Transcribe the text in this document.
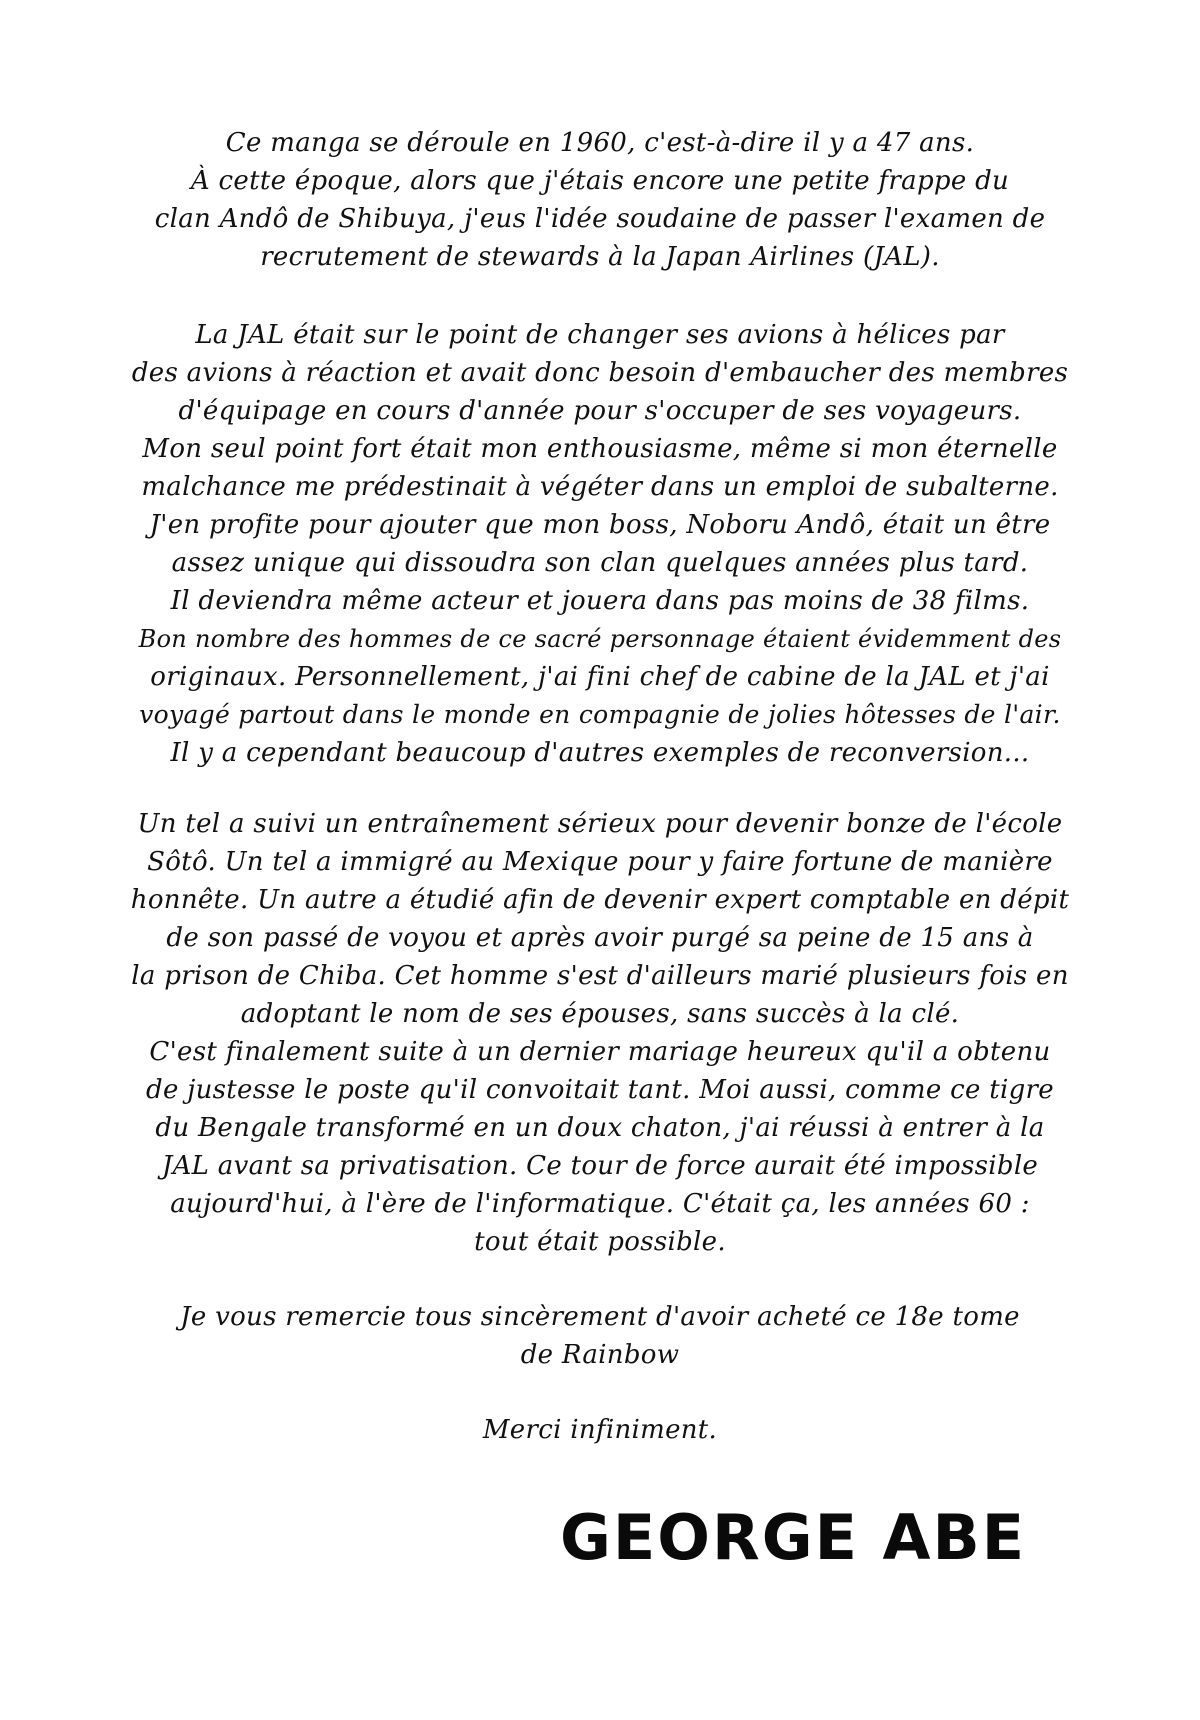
Ce manga se déroule en 1960, c'est-à-dire il y a 47 ans.
À cette époque, alors que j'étais encore une petite frappe du
clan Andô de Shibuya, j'eus l'idée soudaine de passer l'examen de
recrutement de stewards à la Japan Airlines (JAL).
La JAL était sur le point de changer ses avions à hélices par
des avions à réaction et avait donc besoin d'embaucher des membres
d'équipage en cours d'année pour s'occuper de ses voyageurs.
Mon seul point fort était mon enthousiasme, même si mon éternelle
malchance me prédestinait à végéter dans un emploi de subalterne.
J'en profite pour ajouter que mon boss, Noboru Andô, était un être
assez unique qui dissoudra son clan quelques années plus tard.
Il deviendra même acteur et jouera dans pas moins de 38 films.
Bon nombre des hommes de ce sacré personnage étaient évidemment des
originaux. Personnellement, j'ai fini chef de cabine de la JAL et j'ai
voyagé partout dans le monde en compagnie de jolies hôtesses de l'air.
Il y a cependant beaucoup d'autres exemples de reconversion...
Un tel a suivi un entraînement sérieux pour devenir bonze de l'école
Sôtô. Un tel a immigré au Mexique pour y faire fortune de manière
honnête. Un autre a étudié afin de devenir expert comptable en dépit
de son passé de voyou et après avoir purgé sa peine de 15 ans à
la prison de Chiba. Cet homme s'est d'ailleurs marié plusieurs fois en
adoptant le nom de ses épouses, sans succès à la clé.
C'est finalement suite à un dernier mariage heureux qu'il a obtenu
de justesse le poste qu'il convoitait tant. Moi aussi, comme ce tigre
du Bengale transformé en un doux chaton, j'ai réussi à entrer à la
JAL avant sa privatisation. Ce tour de force aurait été impossible
aujourd'hui, à l'ère de l'informatique. C'était ça, les années 60 :
tout était possible.
Je vous remercie tous sincèrement d'avoir acheté ce 18e tome
de Rainbow
Merci infiniment.
GEORGE ABE
